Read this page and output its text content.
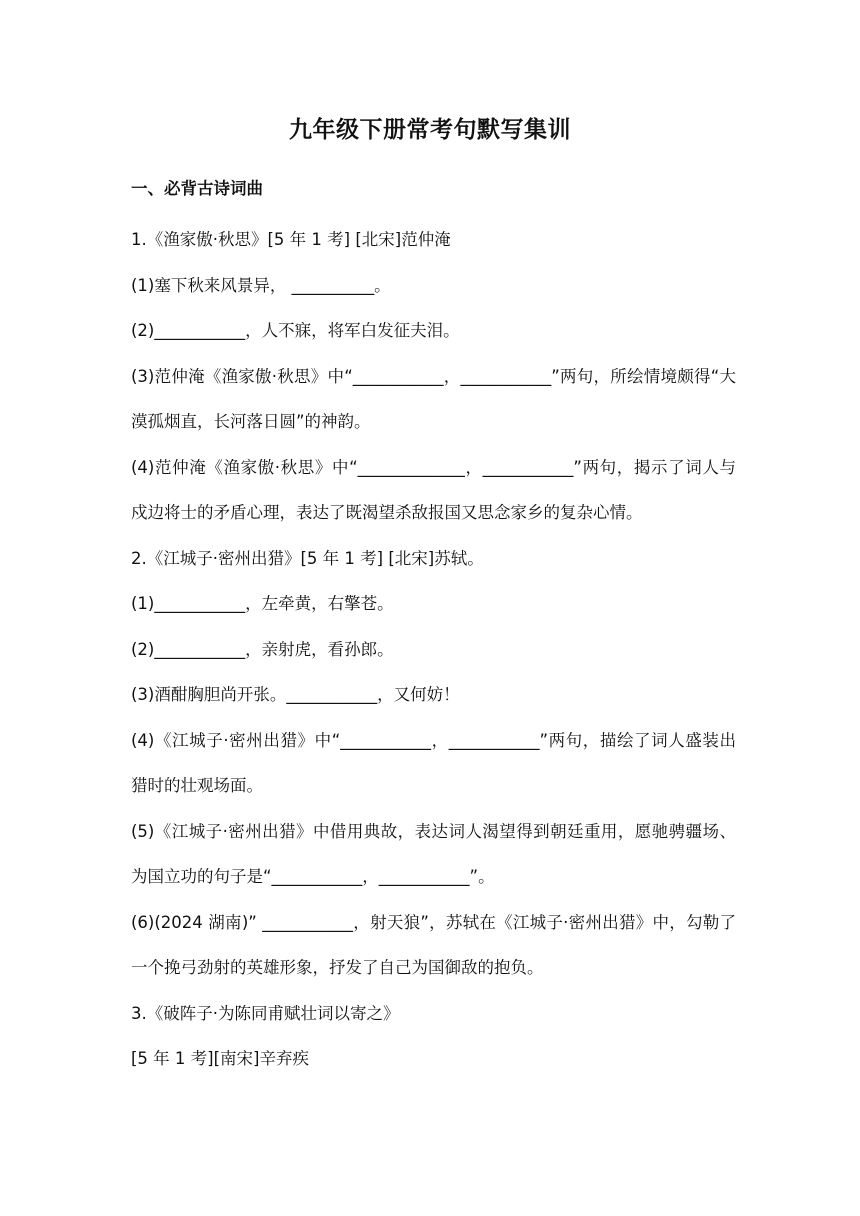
九年级下册常考句默写集训
一、必背古诗词曲

1.《渔家傲·秋思》[5 年 1 考] [北宋]范仲淹

(1)塞下秋来风景异， __________。

(2)___________，人不寐，将军白发征夫泪。

(3)范仲淹《渔家傲·秋思》中“___________，___________”两句，所绘情境颇得“大漠孤烟直，长河落日圆”的神韵。

(4)范仲淹《渔家傲·秋思》中“_____________，___________”两句，揭示了词人与戍边将士的矛盾心理，表达了既渴望杀敌报国又思念家乡的复杂心情。

2.《江城子·密州出猎》[5 年 1 考] [北宋]苏轼。

(1)___________，左牵黄，右擎苍。

(2)___________，亲射虎，看孙郎。

(3)酒酣胸胆尚开张。___________，又何妨！

(4)《江城子·密州出猎》中“___________，___________”两句，描绘了词人盛装出猎时的壮观场面。

(5)《江城子·密州出猎》中借用典故，表达词人渴望得到朝廷重用，愿驰骋疆场、为国立功的句子是“___________，___________”。

(6)(2024 湖南)” ___________，射天狼”，苏轼在《江城子·密州出猎》中，勾勒了一个挽弓劲射的英雄形象，抒发了自己为国御敌的抱负。

3.《破阵子·为陈同甫赋壮词以寄之》

[5 年 1 考][南宋]辛弃疾
